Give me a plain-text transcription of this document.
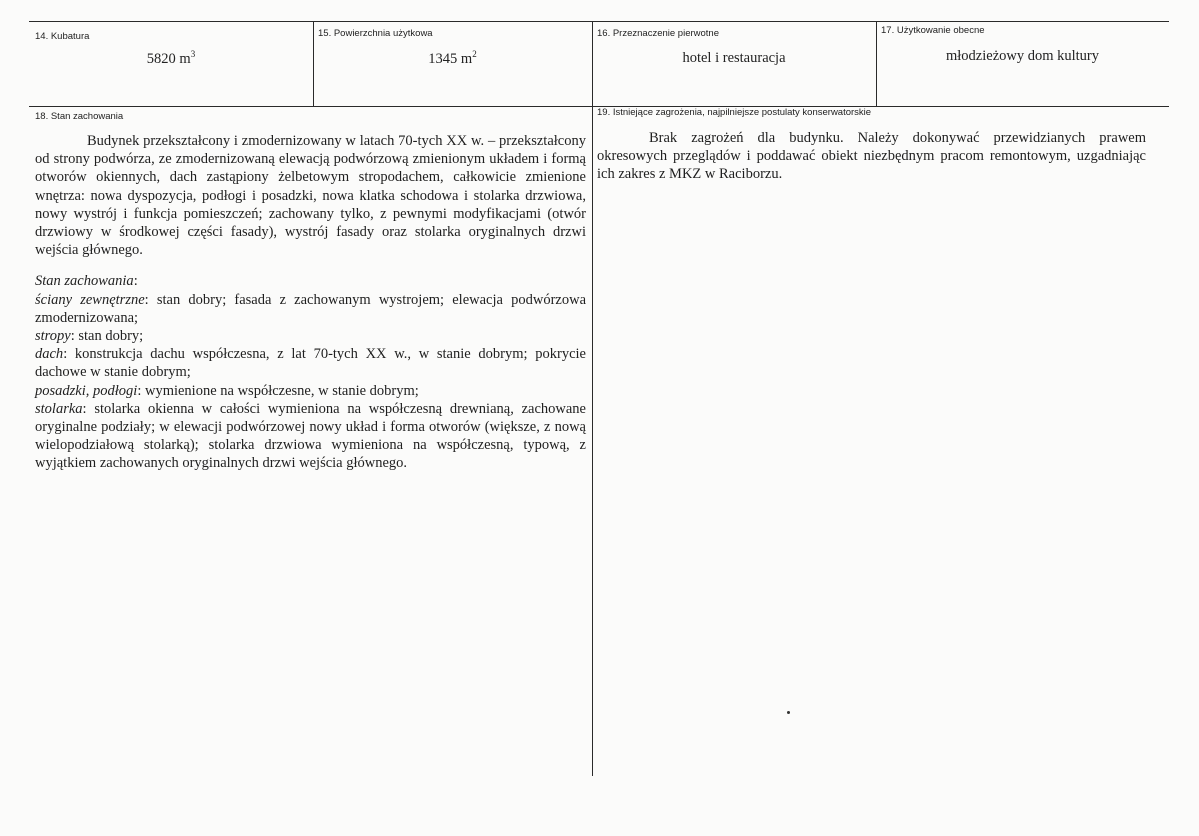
14. Kubatura
5820 $m^3$
15. Powierzchnia użytkowa
1345 $m^2$
16. Przeznaczenie pierwotne
hotel i restauracja
17. Użytkowanie obecne
młodzieżowy dom kultury
18. Stan zachowania

Budynek przekształcony i zmodernizowany w latach 70-tych XX w. – przekształcony od strony podwórza, ze zmodernizowaną elewacją podwórzową zmienionym układem i formą otworów okiennych, dach zastąpiony żelbetowym stropodachem, całkowicie zmienione wnętrza: nowa dyspozycja, podłogi i posadzki, nowa klatka schodowa i stolarka drzwiowa, nowy wystrój i funkcja pomieszczeń; zachowany tylko, z pewnymi modyfikacjami (otwór drzwiowy w środkowej części fasady), wystrój fasady oraz stolarka oryginalnych drzwi wejścia głównego.

Stan zachowania:

ściany zewnętrzne: stan dobry; fasada z zachowanym wystrojem; elewacja podwórzowa zmodernizowana;

stropy: stan dobry;

dach: konstrukcja dachu współczesna, z lat 70-tych XX w., w stanie dobrym; pokrycie dachowe w stanie dobrym;

posadzki, podłogi: wymienione na współczesne, w stanie dobrym;

stolarka: stolarka okienna w całości wymieniona na współczesną drewnianą, zachowane oryginalne podziały; w elewacji podwórzowej nowy układ i forma otworów (większe, z nową wielopodziałową stolarką); stolarka drzwiowa wymieniona na współczesną, typową, z wyjątkiem zachowanych oryginalnych drzwi wejścia głównego.

19. Istniejące zagrożenia, najpilniejsze postulaty konserwatorskie

Brak zagrożeń dla budynku. Należy dokonywać przewidzianych prawem okresowych przeglądów i poddawać obiekt niezbędnym pracom remontowym, uzgadniając ich zakres z MKZ w Raciborzu.
